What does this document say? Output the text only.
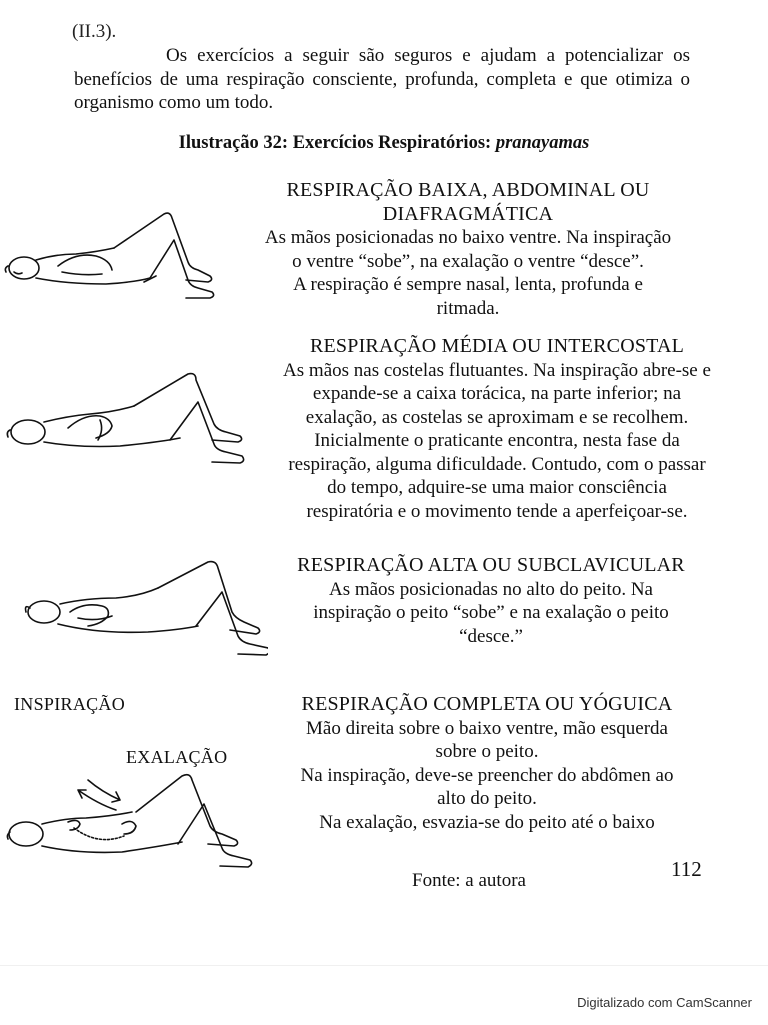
(II.3).
Os exercícios a seguir são seguros e ajudam a potencializar os benefícios de uma respiração consciente, profunda, completa e que otimiza o organismo como um todo.
Ilustração 32: Exercícios Respiratórios: pranayamas
RESPIRAÇÃO BAIXA, ABDOMINAL OU
DIAFRAGMÁTICA
As mãos posicionadas no baixo ventre. Na inspiração
o ventre “sobe”, na exalação o ventre “desce”.
A respiração é sempre nasal, lenta, profunda e
ritmada.
RESPIRAÇÃO MÉDIA OU INTERCOSTAL
As mãos nas costelas flutuantes. Na inspiração abre-se e
expande-se a caixa torácica, na parte inferior; na
exalação, as costelas se aproximam e se recolhem.
Inicialmente o praticante encontra, nesta fase da
respiração, alguma dificuldade. Contudo, com o passar
do tempo, adquire-se uma maior consciência
respiratória e o movimento tende a aperfeiçoar-se.
RESPIRAÇÃO ALTA OU SUBCLAVICULAR
As mãos posicionadas no alto do peito. Na
inspiração o peito “sobe” e na exalação o peito
“desce.”
RESPIRAÇÃO COMPLETA OU YÓGUICA
Mão direita sobre o baixo ventre, mão esquerda
sobre o peito.
Na inspiração, deve-se preencher do abdômen ao
alto do peito.
Na exalação, esvazia-se do peito até o baixo
INSPIRAÇÃO
EXALAÇÃO
Fonte: a autora	112
Digitalizado com CamScanner
